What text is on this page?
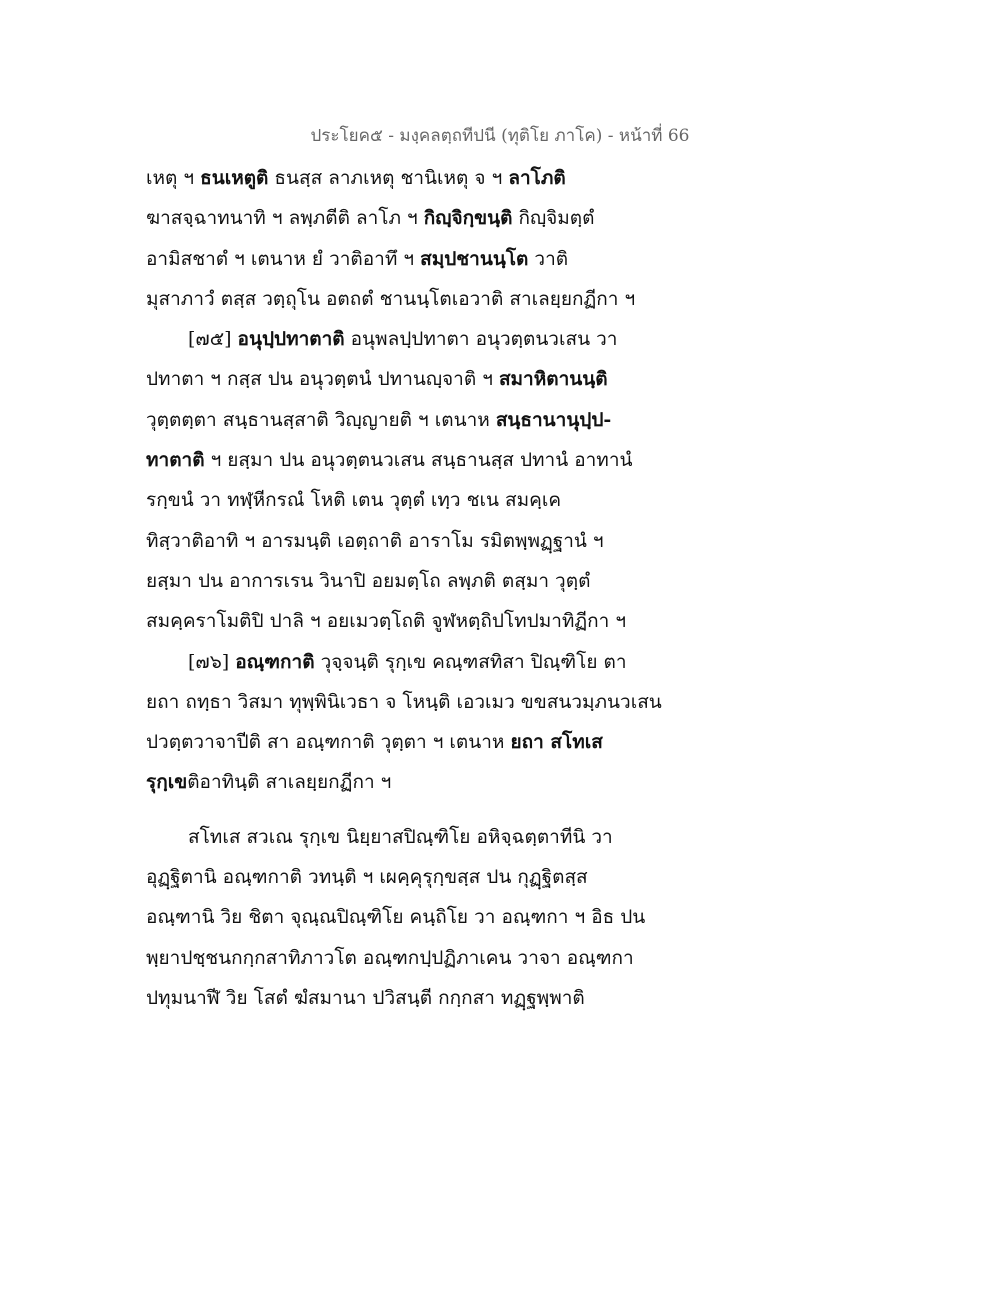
ประโยค๕ - มงฺคลตฺถทีปนี (ทุติโย ภาโค) - หน้าที่ 66
เหตุ ฯ ธนเหตูติ ธนสฺส ลาภเหตุ ชานิเหตุ จ ฯ ลาโภติ
ฆาสจฺฉาทนาทิ ฯ ลพฺภตีติ ลาโภ ฯ กิญฺจิกฺขนฺติ กิญฺจิมตฺตํ
อามิสชาตํ ฯ เตนาห ยํ วาติอาทึ ฯ สมฺปชานนฺโต วาติ
มุสาภาวํ ตสฺส วตฺถุโน อตถตํ ชานนฺโตเอวาติ สาเลยฺยกฏีกา ฯ
[๗๕] อนุปฺปทาตาติ อนุพลปฺปทาตา อนุวตฺตนวเสน วา
ปทาตา ฯ กสฺส ปน อนุวตฺตนํ ปทานญฺจาติ ฯ สมาหิตานนฺติ
วุตฺตตฺตา สนฺธานสฺสาติ วิญฺญายติ ฯ เตนาห สนฺธานานุปฺป-
ทาตาติ ฯ ยสฺมา ปน อนุวตฺตนวเสน สนฺธานสฺส ปทานํ อาทานํ
รกฺขนํ วา ทฬฺหีกรณํ โหติ เตน วุตฺตํ เทฺว ชเน สมคฺเค
ทิสฺวาติอาทิ ฯ อารมนฺติ เอตฺถาติ อาราโม รมิตพฺพฏฺฐานํ ฯ
ยสฺมา ปน อาการเรน วินาปิ อยมตฺโถ ลพฺภติ ตสฺมา วุตฺตํ
สมคฺคราโมติปิ ปาลิ ฯ อยเมวตฺโถติ จูฬหตฺถิปโทปมาทิฏีกา ฯ
[๗๖] อณฺฑกาติ วุจฺจนฺติ รุกฺเข คณฺฑสทิสา ปิณฺฑิโย ตา
ยถา ถทฺธา วิสมา ทุพฺพินิเวธา จ โหนฺติ เอวเมว ขขสนวมฺภนวเสน
ปวตฺตวาจาปีติ สา อณฺฑกาติ วุตฺตา ฯ เตนาห ยถา สโทเส
รุกฺเขติอาทินฺติ สาเลยฺยกฏีกา ฯ
สโทเส สวเณ รุกฺเข นิยฺยาสปิณฺฑิโย อหิจฺฉตฺตาทีนิ วา
อุฏฺฐิตานิ อณฺฑกาติ วทนฺติ ฯ เผคฺคุรุกฺขสฺส ปน กุฏฺฐิตสฺส
อณฺฑานิ วิย ชิตา จุณฺณปิณฺฑิโย คนฺถิโย วา อณฺฑกา ฯ อิธ ปน
พฺยาปชฺชนกกฺกสาทิภาวโต อณฺฑกปฺปฏิภาเคน วาจา อณฺฑกา
ปทุมนาฬี วิย โสตํ ฆํสมานา ปวิสนฺตี กกฺกสา ทฏฺฐพฺพาติ
